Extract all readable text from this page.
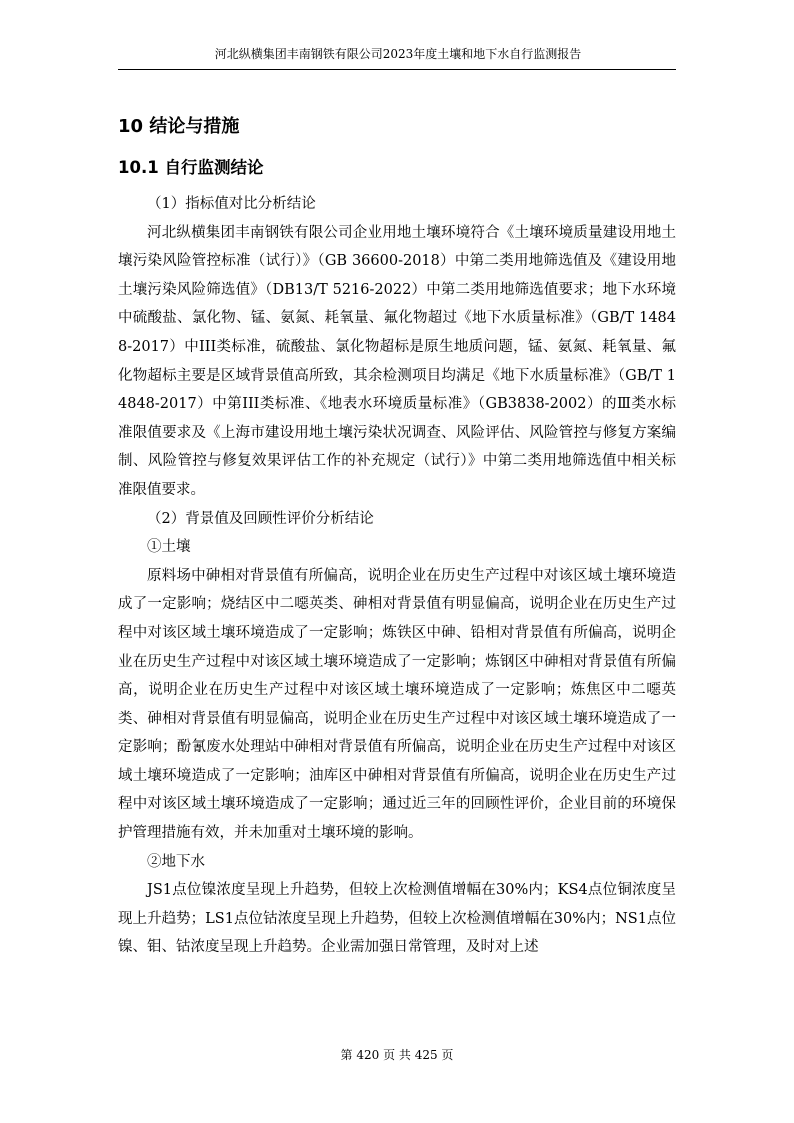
河北纵横集团丰南钢铁有限公司2023年度土壤和地下水自行监测报告
10 结论与措施
10.1 自行监测结论

（1）指标值对比分析结论

河北纵横集团丰南钢铁有限公司企业用地土壤环境符合《土壤环境质量建设用地土壤污染风险管控标准（试行）》（GB 36600-2018）中第二类用地筛选值及《建设用地土壤污染风险筛选值》（DB13/T 5216-2022）中第二类用地筛选值要求；地下水环境中硫酸盐、氯化物、锰、氨氮、耗氧量、氟化物超过《地下水质量标准》（GB/T 14848-2017）中III类标准，硫酸盐、氯化物超标是原生地质问题，锰、氨氮、耗氧量、氟化物超标主要是区域背景值高所致，其余检测项目均满足《地下水质量标准》（GB/T 14848-2017）中第III类标准、《地表水环境质量标准》（GB3838-2002）的Ⅲ类水标准限值要求及《上海市建设用地土壤污染状况调查、风险评估、风险管控与修复方案编制、风险管控与修复效果评估工作的补充规定（试行）》中第二类用地筛选值中相关标准限值要求。

（2）背景值及回顾性评价分析结论

①土壤

原料场中砷相对背景值有所偏高，说明企业在历史生产过程中对该区域土壤环境造成了一定影响；烧结区中二噁英类、砷相对背景值有明显偏高，说明企业在历史生产过程中对该区域土壤环境造成了一定影响；炼铁区中砷、铅相对背景值有所偏高，说明企业在历史生产过程中对该区域土壤环境造成了一定影响；炼钢区中砷相对背景值有所偏高，说明企业在历史生产过程中对该区域土壤环境造成了一定影响；炼焦区中二噁英类、砷相对背景值有明显偏高，说明企业在历史生产过程中对该区域土壤环境造成了一定影响；酚氰废水处理站中砷相对背景值有所偏高，说明企业在历史生产过程中对该区域土壤环境造成了一定影响；油库区中砷相对背景值有所偏高，说明企业在历史生产过程中对该区域土壤环境造成了一定影响；通过近三年的回顾性评价，企业目前的环境保护管理措施有效，并未加重对土壤环境的影响。

②地下水

JS1点位镍浓度呈现上升趋势，但较上次检测值增幅在30%内；KS4点位铜浓度呈现上升趋势；LS1点位钴浓度呈现上升趋势，但较上次检测值增幅在30%内；NS1点位镍、钼、钴浓度呈现上升趋势。企业需加强日常管理，及时对上述

第 420 页 共 425 页
